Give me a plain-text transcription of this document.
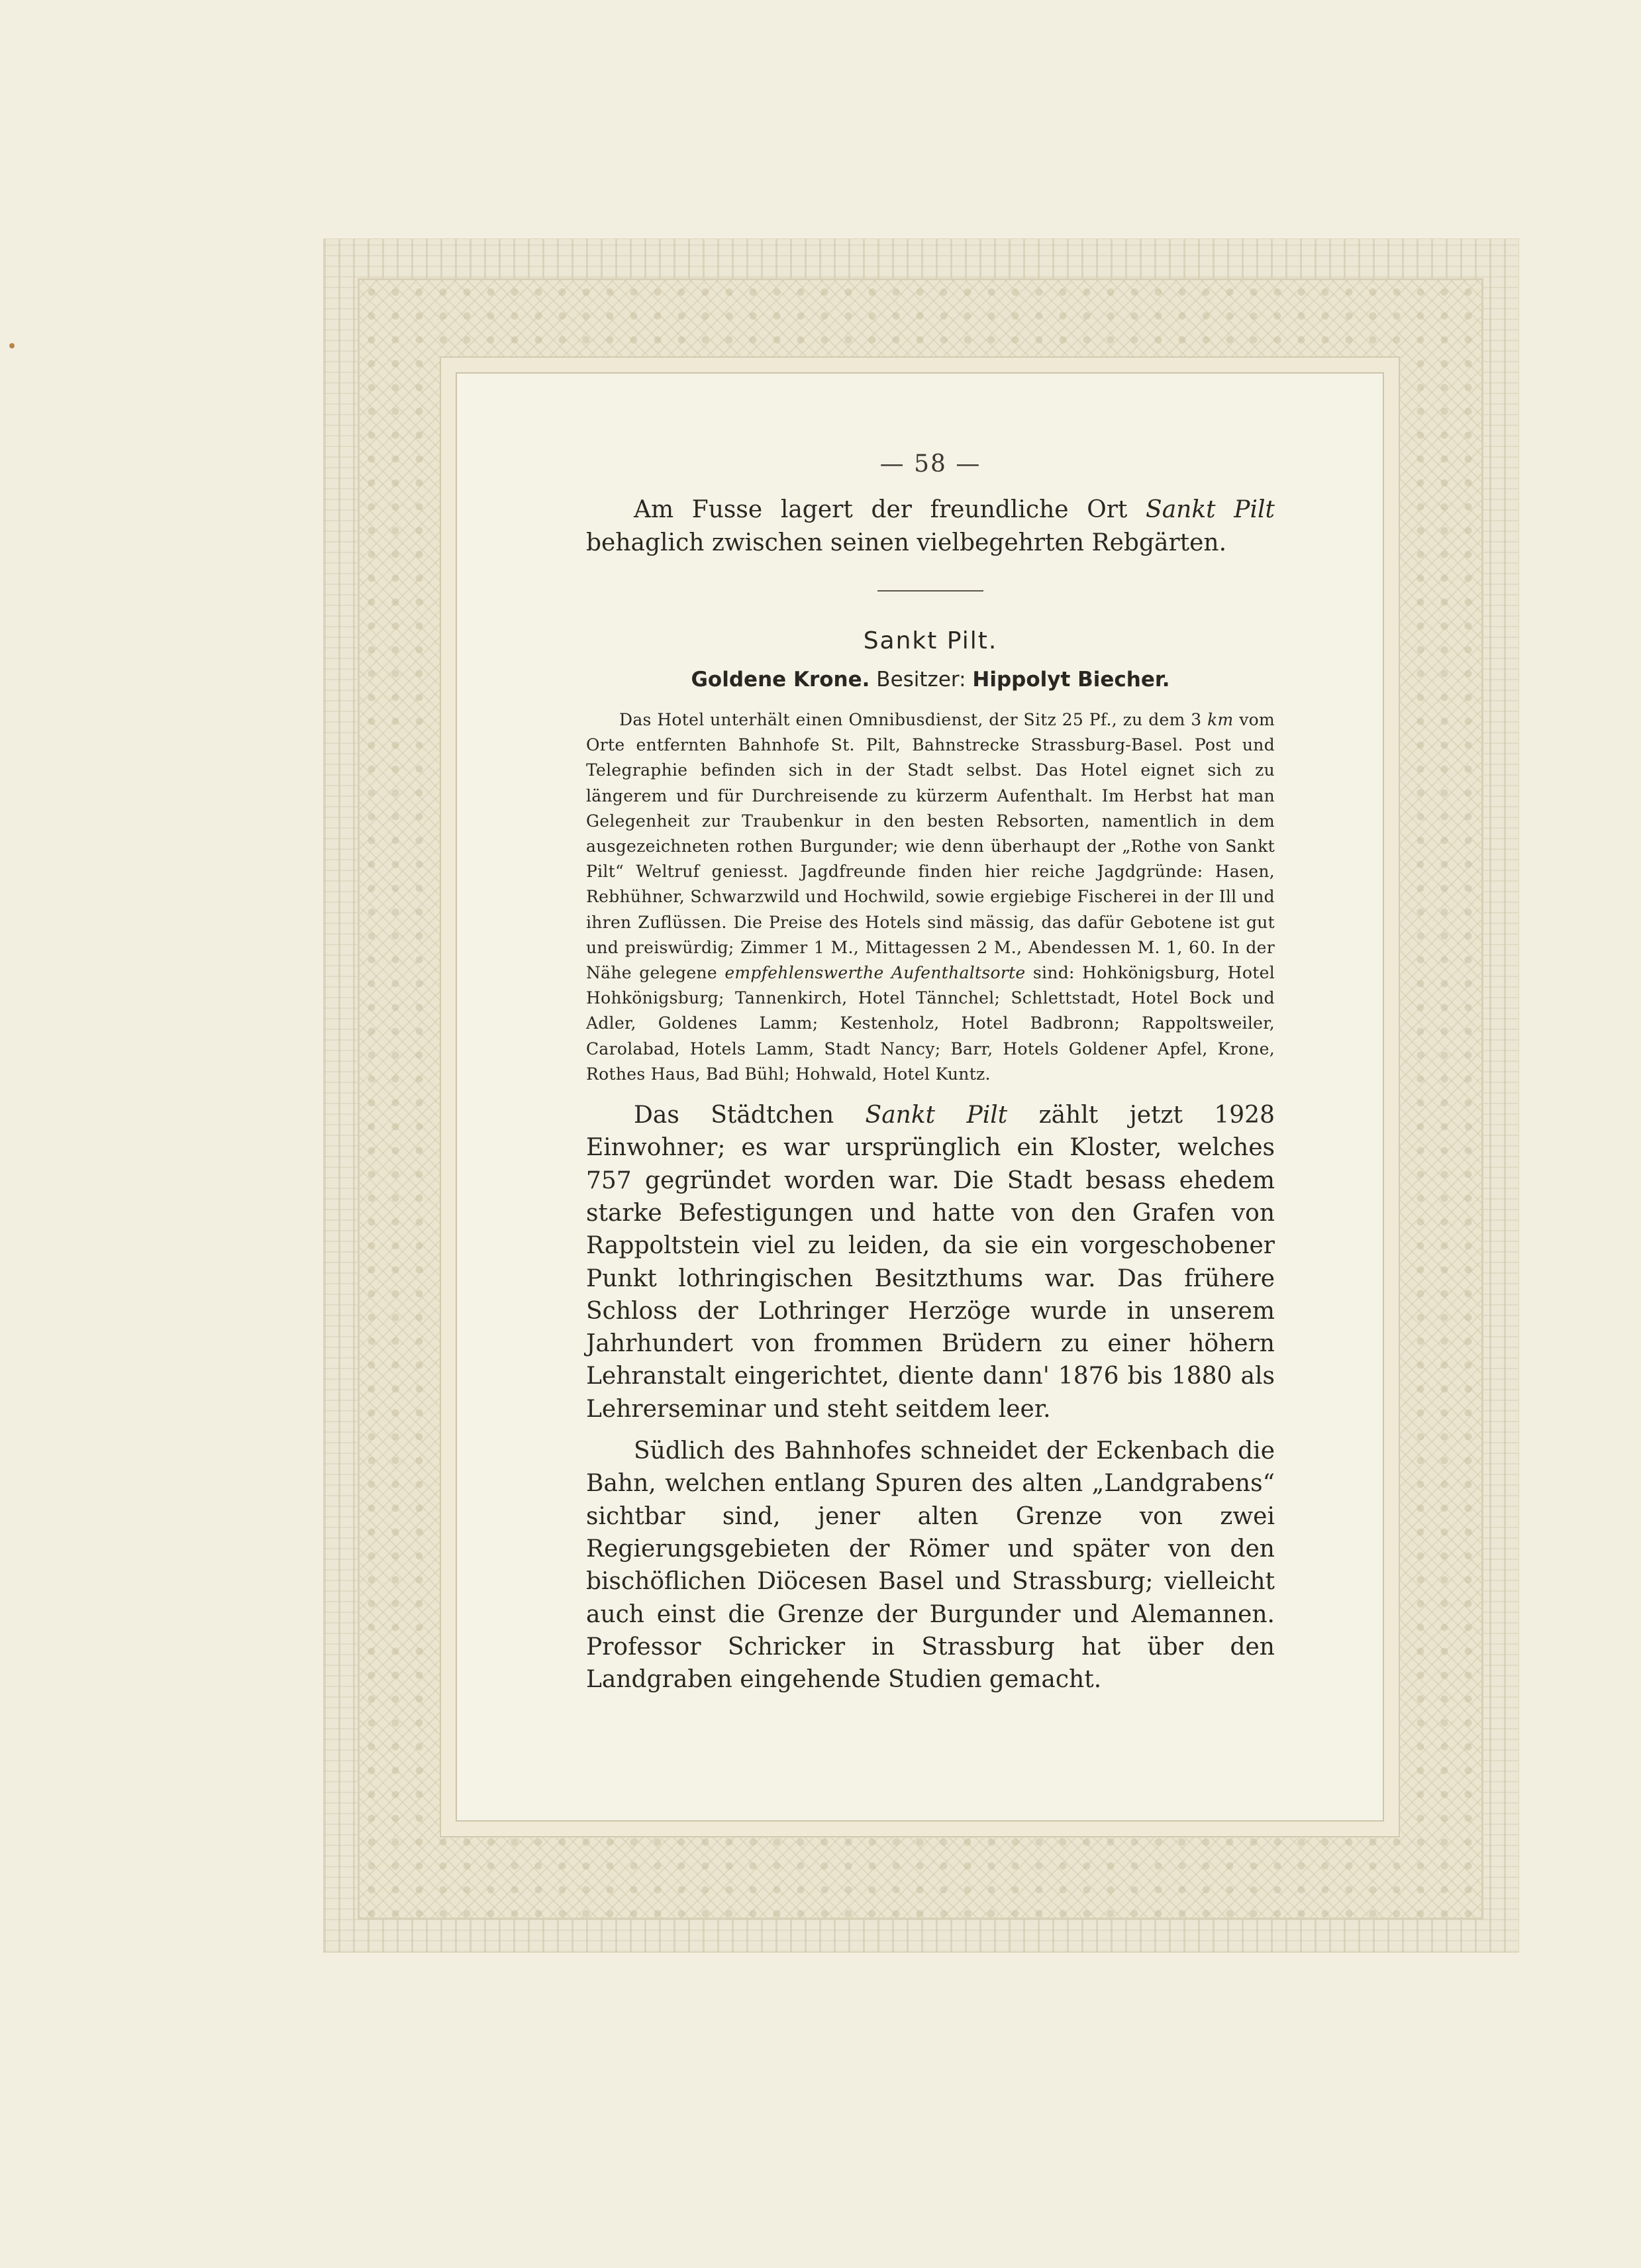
— 58 —

Am Fusse lagert der freundliche Ort Sankt Pilt behaglich zwischen seinen vielbegehrten Rebgärten.

Sankt Pilt.
Goldene Krone. Besitzer: Hippolyt Biecher.

Das Hotel unterhält einen Omnibusdienst, der Sitz 25 Pf., zu dem 3 km vom Orte entfernten Bahnhofe St. Pilt, Bahnstrecke Strassburg-Basel. Post und Telegraphie befinden sich in der Stadt selbst. Das Hotel eignet sich zu längerem und für Durchreisende zu kürzerm Aufenthalt. Im Herbst hat man Gelegenheit zur Traubenkur in den besten Rebsorten, namentlich in dem ausgezeichneten rothen Burgunder; wie denn überhaupt der „Rothe von Sankt Pilt“ Weltruf geniesst. Jagdfreunde finden hier reiche Jagdgründe: Hasen, Rebhühner, Schwarzwild und Hochwild, sowie ergiebige Fischerei in der Ill und ihren Zuflüssen. Die Preise des Hotels sind mässig, das dafür Gebotene ist gut und preiswürdig; Zimmer 1 M., Mittagessen 2 M., Abendessen M. 1, 60. In der Nähe gelegene empfehlenswerthe Aufenthaltsorte sind: Hohkönigsburg, Hotel Hohkönigsburg; Tannenkirch, Hotel Tännchel; Schlettstadt, Hotel Bock und Adler, Goldenes Lamm; Kestenholz, Hotel Badbronn; Rappoltsweiler, Carolabad, Hotels Lamm, Stadt Nancy; Barr, Hotels Goldener Apfel, Krone, Rothes Haus, Bad Bühl; Hohwald, Hotel Kuntz.

Das Städtchen Sankt Pilt zählt jetzt 1928 Einwohner; es war ursprünglich ein Kloster, welches 757 gegründet worden war. Die Stadt besass ehedem starke Befestigungen und hatte von den Grafen von Rappoltstein viel zu leiden, da sie ein vorgeschobener Punkt lothringischen Besitzthums war. Das frühere Schloss der Lothringer Herzöge wurde in unserem Jahrhundert von frommen Brüdern zu einer höhern Lehranstalt eingerichtet, diente dann' 1876 bis 1880 als Lehrerseminar und steht seitdem leer.

Südlich des Bahnhofes schneidet der Eckenbach die Bahn, welchen entlang Spuren des alten „Landgrabens“ sichtbar sind, jener alten Grenze von zwei Regierungsgebieten der Römer und später von den bischöflichen Diöcesen Basel und Strassburg; vielleicht auch einst die Grenze der Burgunder und Alemannen. Professor Schricker in Strassburg hat über den Landgraben eingehende Studien gemacht.
